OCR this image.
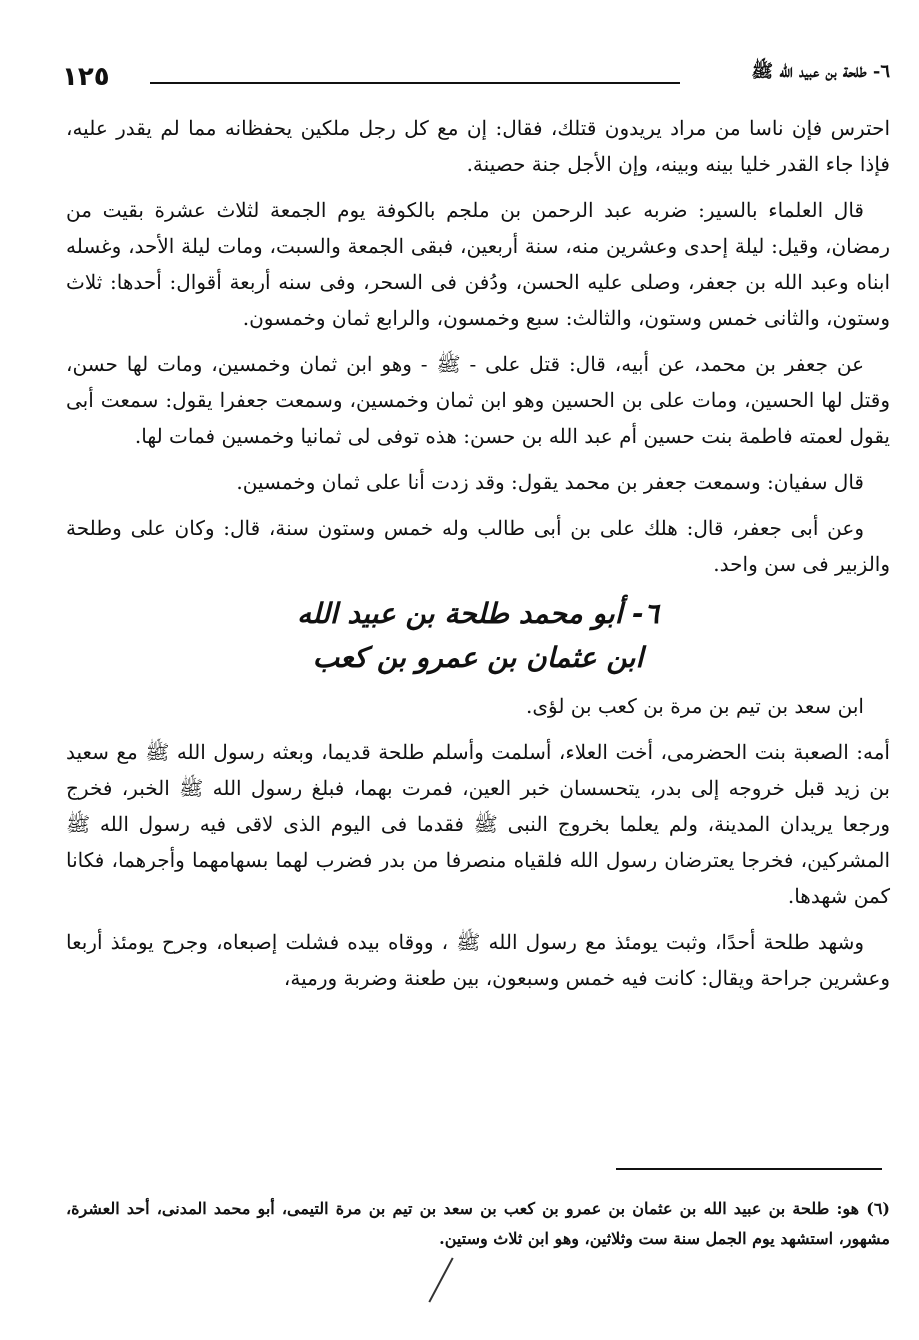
١٢٥	٦- طلحة بن عبيد الله ﷺ

احترس فإن ناسا من مراد يريدون قتلك، فقال: إن مع كل رجل ملكين يحفظانه مما لم يقدر عليه، فإذا جاء القدر خليا بينه وبينه، وإن الأجل جنة حصينة.

قال العلماء بالسير: ضربه عبد الرحمن بن ملجم بالكوفة يوم الجمعة لثلاث عشرة بقيت من رمضان، وقيل: ليلة إحدى وعشرين منه، سنة أربعين، فبقى الجمعة والسبت، ومات ليلة الأحد، وغسله ابناه وعبد الله بن جعفر، وصلى عليه الحسن، ودُفن فى السحر، وفى سنه أربعة أقوال: أحدها: ثلاث وستون، والثانى خمس وستون، والثالث: سبع وخمسون، والرابع ثمان وخمسون.

عن جعفر بن محمد، عن أبيه، قال: قتل على - ﷺ - وهو ابن ثمان وخمسين، ومات لها حسن، وقتل لها الحسين، ومات على بن الحسين وهو ابن ثمان وخمسين، وسمعت جعفرا يقول: سمعت أبى يقول لعمته فاطمة بنت حسين أم عبد الله بن حسن: هذه توفى لى ثمانيا وخمسين فمات لها.

قال سفيان: وسمعت جعفر بن محمد يقول: وقد زدت أنا على ثمان وخمسين.

وعن أبى جعفر، قال: هلك على بن أبى طالب وله خمس وستون سنة، قال: وكان على وطلحة والزبير فى سن واحد.

٦- أبو محمد طلحة بن عبيد الله

ابن عثمان بن عمرو بن كعب

ابن سعد بن تيم بن مرة بن كعب بن لؤى.

أمه: الصعبة بنت الحضرمى، أخت العلاء، أسلمت وأسلم طلحة قديما، وبعثه رسول الله ﷺ مع سعيد بن زيد قبل خروجه إلى بدر، يتحسسان خبر العين، فمرت بهما، فبلغ رسول الله ﷺ الخبر، فخرج ورجعا يريدان المدينة، ولم يعلما بخروج النبى ﷺ فقدما فى اليوم الذى لاقى فيه رسول الله ﷺ المشركين، فخرجا يعترضان رسول الله فلقياه منصرفا من بدر فضرب لهما بسهامهما وأجرهما، فكانا كمن شهدها.

وشهد طلحة أحدًا، وثبت يومئذ مع رسول الله ﷺ ، ووقاه بيده فشلت إصبعاه، وجرح يومئذ أربعا وعشرين جراحة ويقال: كانت فيه خمس وسبعون، بين طعنة وضربة ورمية،

(٦) هو: طلحة بن عبيد الله بن عثمان بن عمرو بن كعب بن سعد بن تيم بن مرة التيمى، أبو محمد المدنى، أحد العشرة، مشهور، استشهد يوم الجمل سنة ست وثلاثين، وهو ابن ثلاث وستين.
